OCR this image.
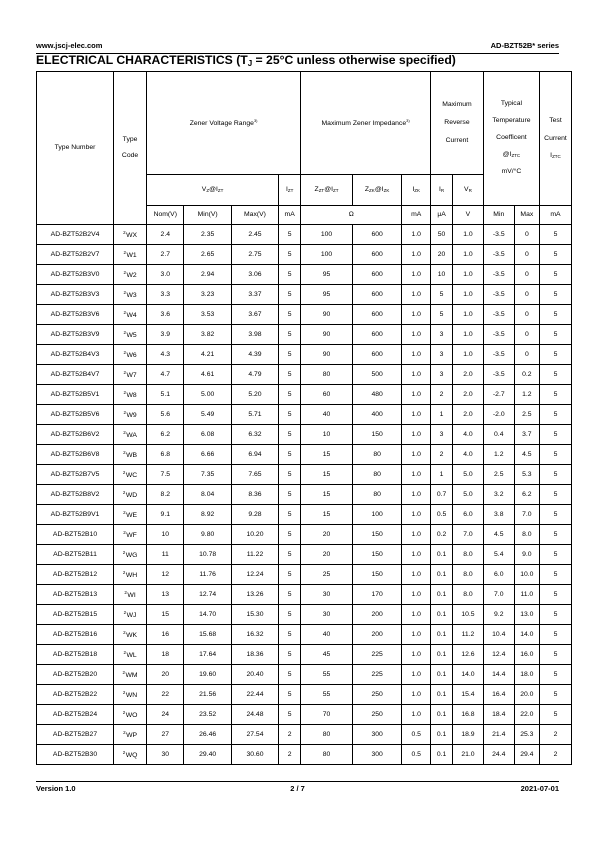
www.jscj-elec.com	AD-BZT52B* series
ELECTRICAL CHARACTERISTICS ($T_J = 25^\circ C$ unless otherwise specified)
Type Number	Type
Code	Zener Voltage Range$^{3)}$				Maximum Zener Impedance$^{3)}$			Maximum
Reverse
Current		Typical
Temperature
Coefficent
$@I_{ZTC}$
mV/°C		Test
Current
$I_{ZTC}$
		$V_Z@I_{ZT}$			$I_{ZT}$	$Z_{ZT}@I_{ZT}$	$Z_{ZK}@I_{ZK}$	$I_{ZK}$	$I_R$	$V_R$
		Nom(V)	Min(V)	Max(V)	mA	Ω		mA	μA	V	Min	Max	mA
AD-BZT52B2V4	$^2$WX	2.4	2.35	2.45	5	100	600	1.0	50	1.0	-3.5	0	5
AD-BZT52B2V7	$^2$W1	2.7	2.65	2.75	5	100	600	1.0	20	1.0	-3.5	0	5
AD-BZT52B3V0	$^2$W2	3.0	2.94	3.06	5	95	600	1.0	10	1.0	-3.5	0	5
AD-BZT52B3V3	$^2$W3	3.3	3.23	3.37	5	95	600	1.0	5	1.0	-3.5	0	5
AD-BZT52B3V6	$^2$W4	3.6	3.53	3.67	5	90	600	1.0	5	1.0	-3.5	0	5
AD-BZT52B3V9	$^2$W5	3.9	3.82	3.98	5	90	600	1.0	3	1.0	-3.5	0	5
AD-BZT52B4V3	$^2$W6	4.3	4.21	4.39	5	90	600	1.0	3	1.0	-3.5	0	5
AD-BZT52B4V7	$^2$W7	4.7	4.61	4.79	5	80	500	1.0	3	2.0	-3.5	0.2	5
AD-BZT52B5V1	$^2$W8	5.1	5.00	5.20	5	60	480	1.0	2	2.0	-2.7	1.2	5
AD-BZT52B5V6	$^2$W9	5.6	5.49	5.71	5	40	400	1.0	1	2.0	-2.0	2.5	5
AD-BZT52B6V2	$^2$WA	6.2	6.08	6.32	5	10	150	1.0	3	4.0	0.4	3.7	5
AD-BZT52B6V8	$^2$WB	6.8	6.66	6.94	5	15	80	1.0	2	4.0	1.2	4.5	5
AD-BZT52B7V5	$^2$WC	7.5	7.35	7.65	5	15	80	1.0	1	5.0	2.5	5.3	5
AD-BZT52B8V2	$^2$WD	8.2	8.04	8.36	5	15	80	1.0	0.7	5.0	3.2	6.2	5
AD-BZT52B9V1	$^2$WE	9.1	8.92	9.28	5	15	100	1.0	0.5	6.0	3.8	7.0	5
AD-BZT52B10	$^2$WF	10	9.80	10.20	5	20	150	1.0	0.2	7.0	4.5	8.0	5
AD-BZT52B11	$^2$WG	11	10.78	11.22	5	20	150	1.0	0.1	8.0	5.4	9.0	5
AD-BZT52B12	$^2$WH	12	11.76	12.24	5	25	150	1.0	0.1	8.0	6.0	10.0	5
AD-BZT52B13	$^2$WI	13	12.74	13.26	5	30	170	1.0	0.1	8.0	7.0	11.0	5
AD-BZT52B15	$^2$WJ	15	14.70	15.30	5	30	200	1.0	0.1	10.5	9.2	13.0	5
AD-BZT52B16	$^2$WK	16	15.68	16.32	5	40	200	1.0	0.1	11.2	10.4	14.0	5
AD-BZT52B18	$^2$WL	18	17.64	18.36	5	45	225	1.0	0.1	12.6	12.4	16.0	5
AD-BZT52B20	$^2$WM	20	19.60	20.40	5	55	225	1.0	0.1	14.0	14.4	18.0	5
AD-BZT52B22	$^2$WN	22	21.56	22.44	5	55	250	1.0	0.1	15.4	16.4	20.0	5
AD-BZT52B24	$^2$WO	24	23.52	24.48	5	70	250	1.0	0.1	16.8	18.4	22.0	5
AD-BZT52B27	$^2$WP	27	26.46	27.54	2	80	300	0.5	0.1	18.9	21.4	25.3	2
AD-BZT52B30	$^2$WQ	30	29.40	30.60	2	80	300	0.5	0.1	21.0	24.4	29.4	2
Version 1.0	2 / 7	2021-07-01
